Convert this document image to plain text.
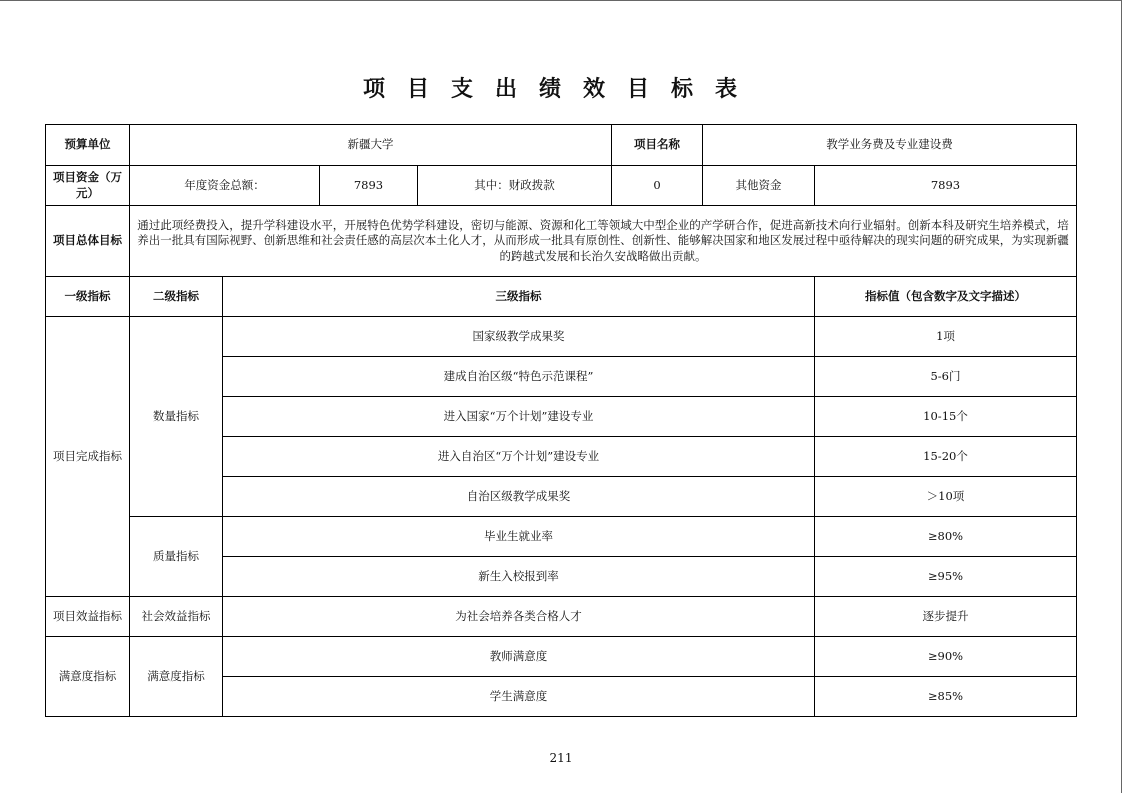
项目支出绩效目标表
预算单位	新疆大学				项目名称	教学业务费及专业建设费	
项目资金（万元）	年度资金总额：		7893	其中：财政拨款	0	其他资金	7893
项目总体目标	通过此项经费投入，提升学科建设水平，开展特色优势学科建设，密切与能源、资源和化工等领域大中型企业的产学研合作，促进高新技术向行业辐射。创新本科及研究生培养模式，培养出一批具有国际视野、创新思维和社会责任感的高层次本土化人才，从而形成一批具有原创性、创新性、能够解决国家和地区发展过程中亟待解决的现实问题的研究成果，为实现新疆的跨越式发展和长治久安战略做出贡献。						
一级指标	二级指标	三级指标					指标值（包含数字及文字描述）
项目完成指标	数量指标	国家级教学成果奖					1项
		建成自治区级“特色示范课程”					5-6门
		进入国家“万个计划”建设专业					10-15个
		进入自治区“万个计划”建设专业					15-20个
		自治区级教学成果奖					＞10项
	质量指标	毕业生就业率					≥80%
		新生入校报到率					≥95%
项目效益指标	社会效益指标	为社会培养各类合格人才					逐步提升
满意度指标	满意度指标	教师满意度					≥90%
		学生满意度					≥85%
211
